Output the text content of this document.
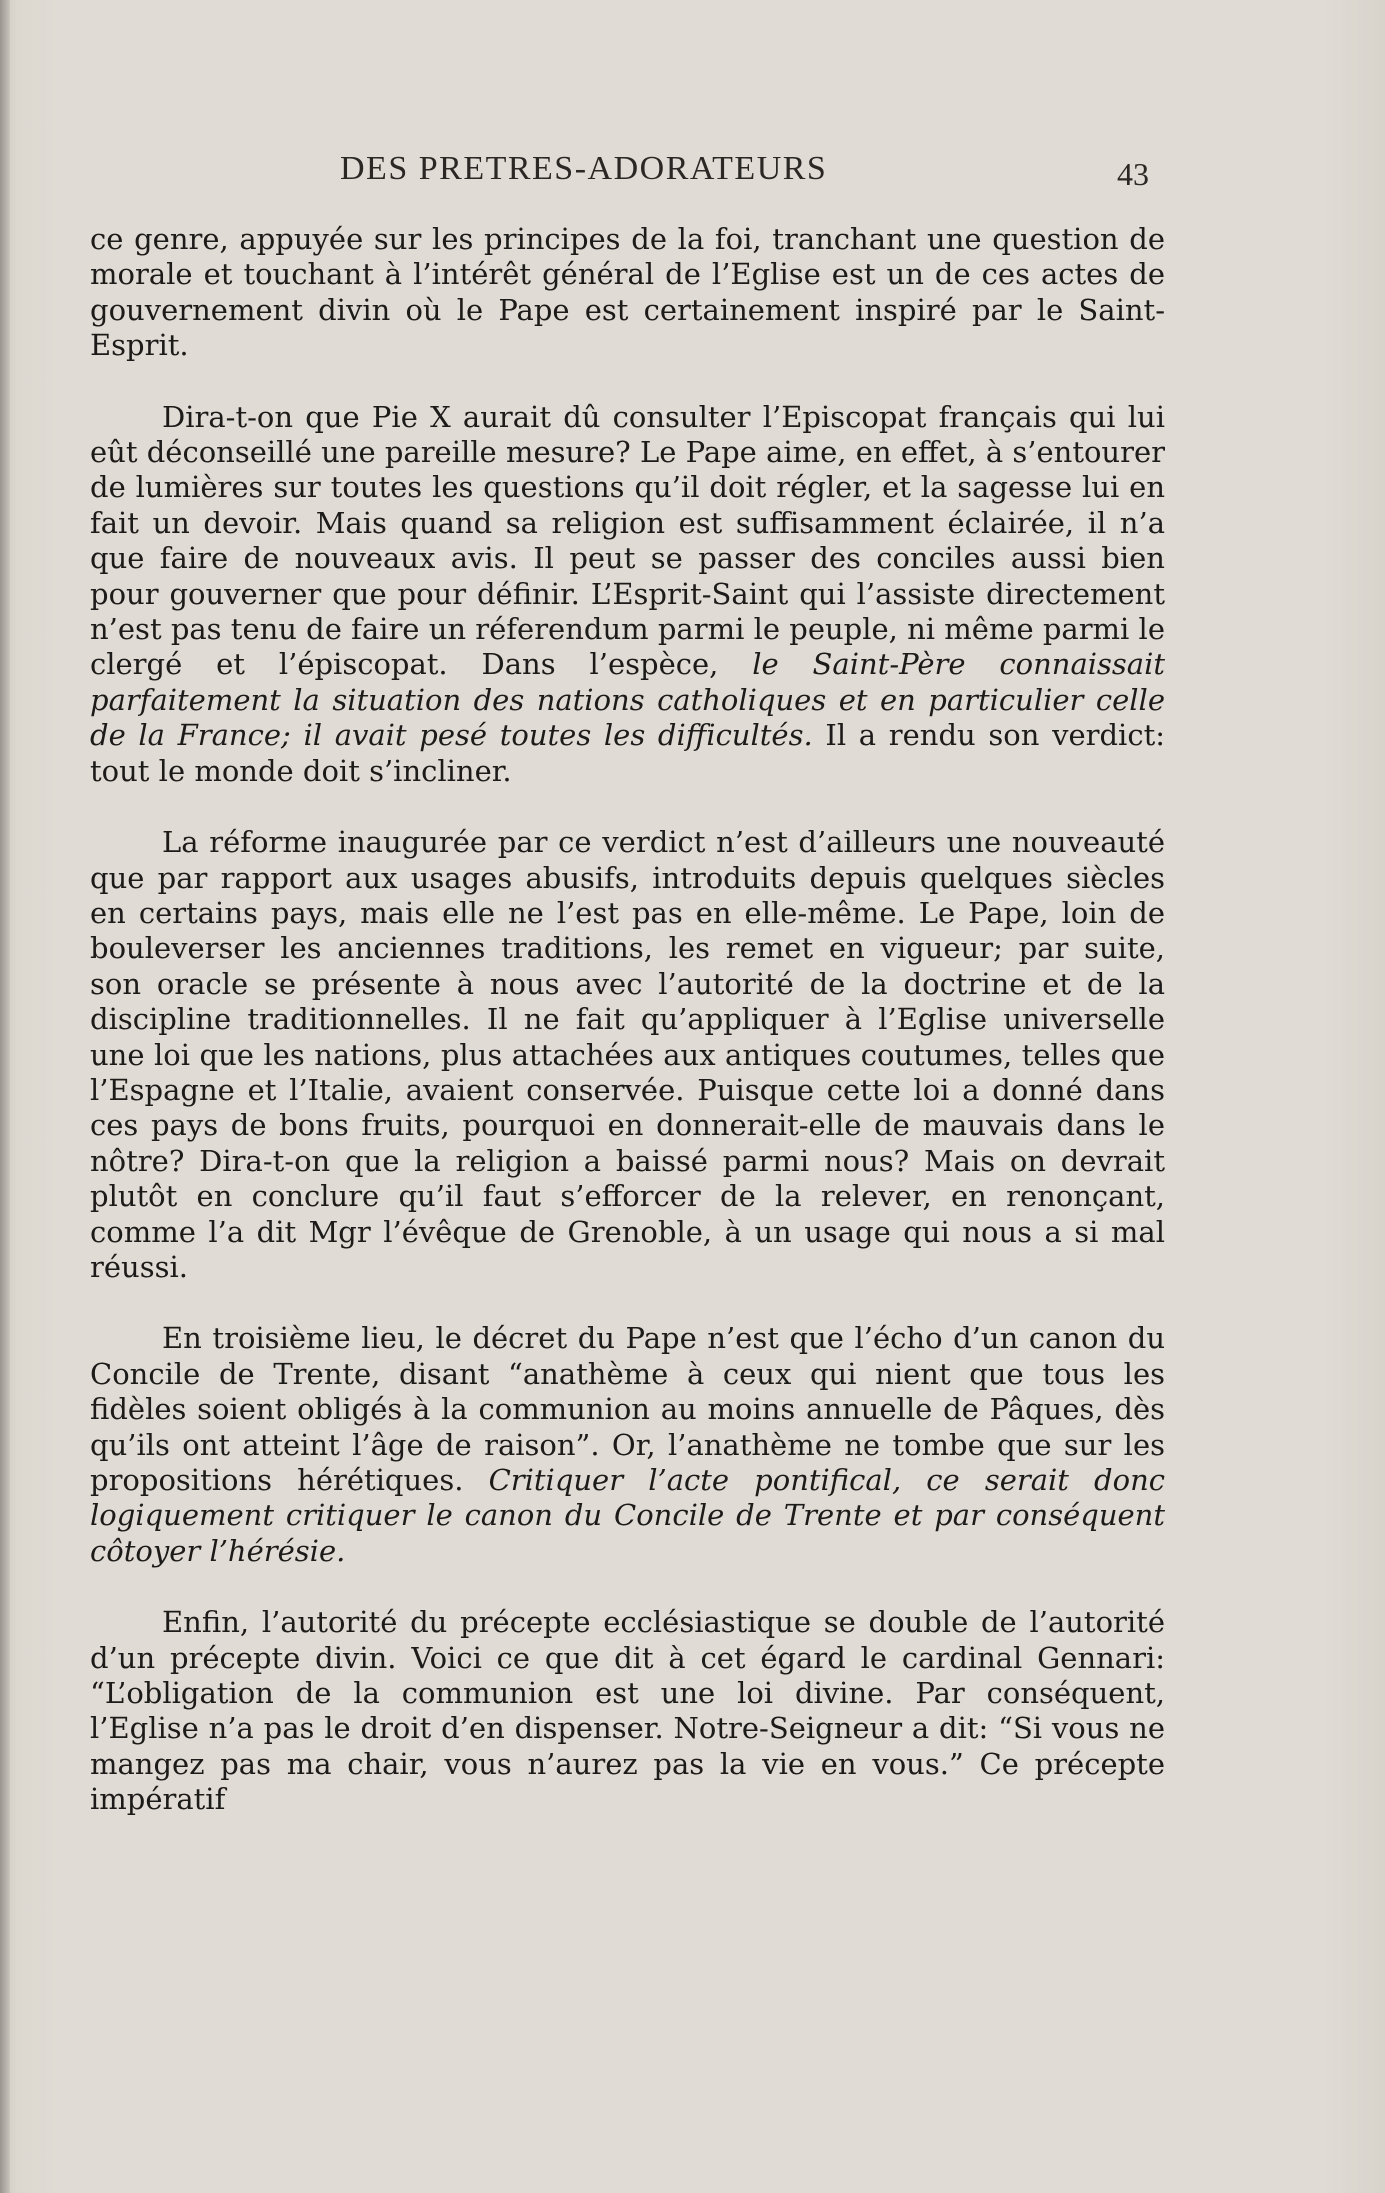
DES PRETRES-ADORATEURS	43

ce genre, appuyée sur les principes de la foi, tranchant une question de morale et touchant à l’intérêt général de l’Eglise est un de ces actes de gouvernement divin où le Pape est certainement inspiré par le Saint-Esprit.

Dira-t-on que Pie X aurait dû consulter l’Episcopat français qui lui eût déconseillé une pareille mesure? Le Pape aime, en effet, à s’entourer de lumières sur toutes les questions qu’il doit régler, et la sagesse lui en fait un devoir. Mais quand sa religion est suffisamment éclairée, il n’a que faire de nouveaux avis. Il peut se passer des conciles aussi bien pour gouverner que pour définir. L’Esprit-Saint qui l’assiste directement n’est pas tenu de faire un réferendum parmi le peuple, ni même parmi le clergé et l’épiscopat. Dans l’espèce, le Saint-Père connaissait parfaitement la situation des nations catholiques et en particulier celle de la France; il avait pesé toutes les difficultés. Il a rendu son verdict: tout le monde doit s’incliner.

La réforme inaugurée par ce verdict n’est d’ailleurs une nouveauté que par rapport aux usages abusifs, introduits depuis quelques siècles en certains pays, mais elle ne l’est pas en elle-même. Le Pape, loin de bouleverser les anciennes traditions, les remet en vigueur; par suite, son oracle se présente à nous avec l’autorité de la doctrine et de la discipline traditionnelles. Il ne fait qu’appliquer à l’Eglise universelle une loi que les nations, plus attachées aux antiques coutumes, telles que l’Espagne et l’Italie, avaient conservée. Puisque cette loi a donné dans ces pays de bons fruits, pourquoi en donnerait-elle de mauvais dans le nôtre? Dira-t-on que la religion a baissé parmi nous? Mais on devrait plutôt en conclure qu’il faut s’efforcer de la relever, en renonçant, comme l’a dit Mgr l’évêque de Grenoble, à un usage qui nous a si mal réussi.

En troisième lieu, le décret du Pape n’est que l’écho d’un canon du Concile de Trente, disant “anathème à ceux qui nient que tous les fidèles soient obligés à la communion au moins annuelle de Pâques, dès qu’ils ont atteint l’âge de raison”. Or, l’anathème ne tombe que sur les propositions hérétiques. Critiquer l’acte pontifical, ce serait donc logiquement critiquer le canon du Concile de Trente et par conséquent côtoyer l’hérésie.

Enfin, l’autorité du précepte ecclésiastique se double de l’autorité d’un précepte divin. Voici ce que dit à cet égard le cardinal Gennari: “L’obligation de la communion est une loi divine. Par conséquent, l’Eglise n’a pas le droit d’en dispenser. Notre-Seigneur a dit: “Si vous ne mangez pas ma chair, vous n’aurez pas la vie en vous.” Ce précepte impératif
